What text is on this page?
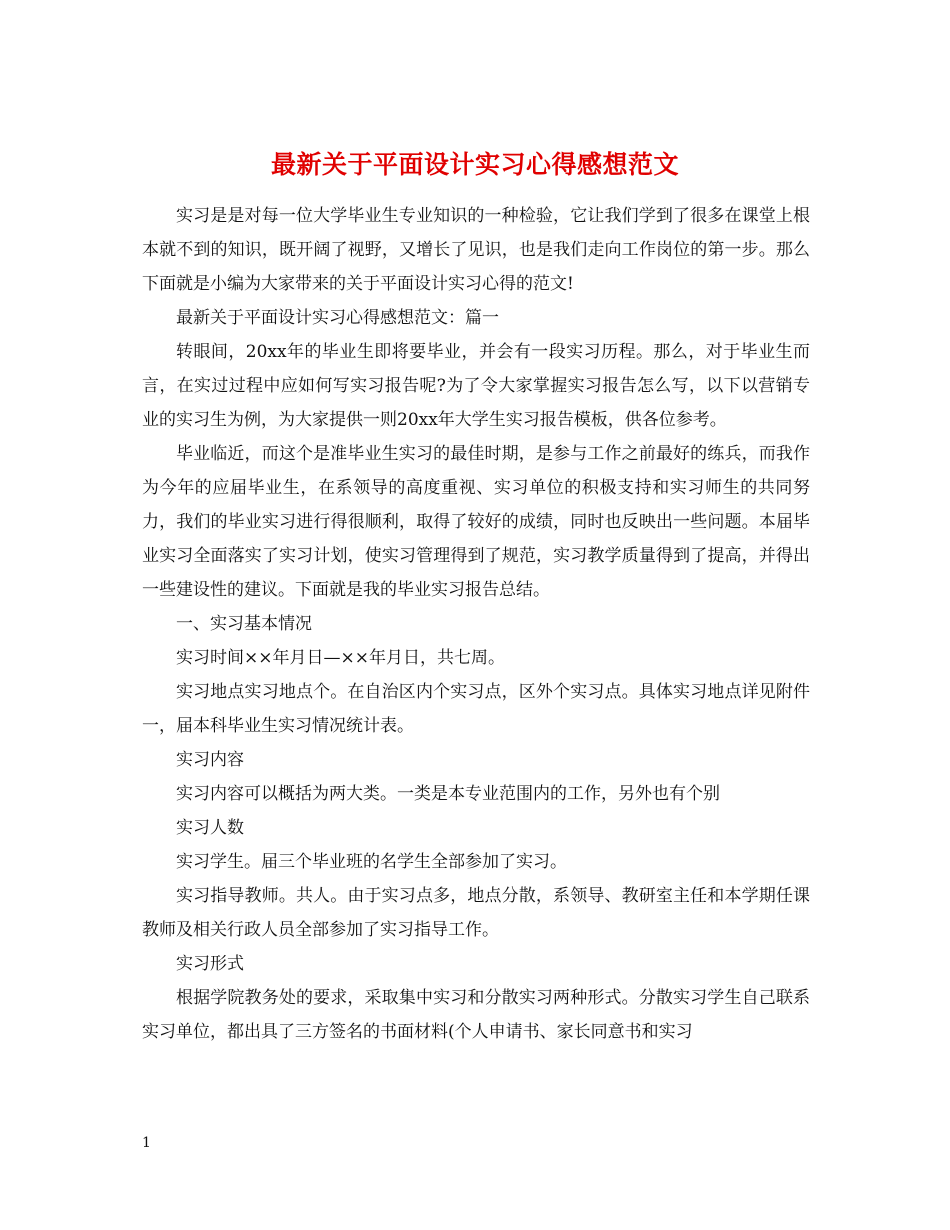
最新关于平面设计实习心得感想范文

实习是是对每一位大学毕业生专业知识的一种检验，它让我们学到了很多在课堂上根本就不到的知识，既开阔了视野，又增长了见识，也是我们走向工作岗位的第一步。那么下面就是小编为大家带来的关于平面设计实习心得的范文!

最新关于平面设计实习心得感想范文：篇一

转眼间，20xx年的毕业生即将要毕业，并会有一段实习历程。那么，对于毕业生而言，在实过过程中应如何写实习报告呢?为了令大家掌握实习报告怎么写，以下以营销专业的实习生为例，为大家提供一则20xx年大学生实习报告模板，供各位参考。

毕业临近，而这个是准毕业生实习的最佳时期，是参与工作之前最好的练兵，而我作为今年的应届毕业生，在系领导的高度重视、实习单位的积极支持和实习师生的共同努力，我们的毕业实习进行得很顺利，取得了较好的成绩，同时也反映出一些问题。本届毕业实习全面落实了实习计划，使实习管理得到了规范，实习教学质量得到了提高，并得出一些建设性的建议。下面就是我的毕业实习报告总结。

一、实习基本情况

实习时间××年月日—××年月日，共七周。

实习地点实习地点个。在自治区内个实习点，区外个实习点。具体实习地点详见附件一，届本科毕业生实习情况统计表。

实习内容

实习内容可以概括为两大类。一类是本专业范围内的工作，另外也有个别

实习人数

实习学生。届三个毕业班的名学生全部参加了实习。

实习指导教师。共人。由于实习点多，地点分散，系领导、教研室主任和本学期任课教师及相关行政人员全部参加了实习指导工作。

实习形式

根据学院教务处的要求，采取集中实习和分散实习两种形式。分散实习学生自己联系实习单位，都出具了三方签名的书面材料(个人申请书、家长同意书和实习

1
